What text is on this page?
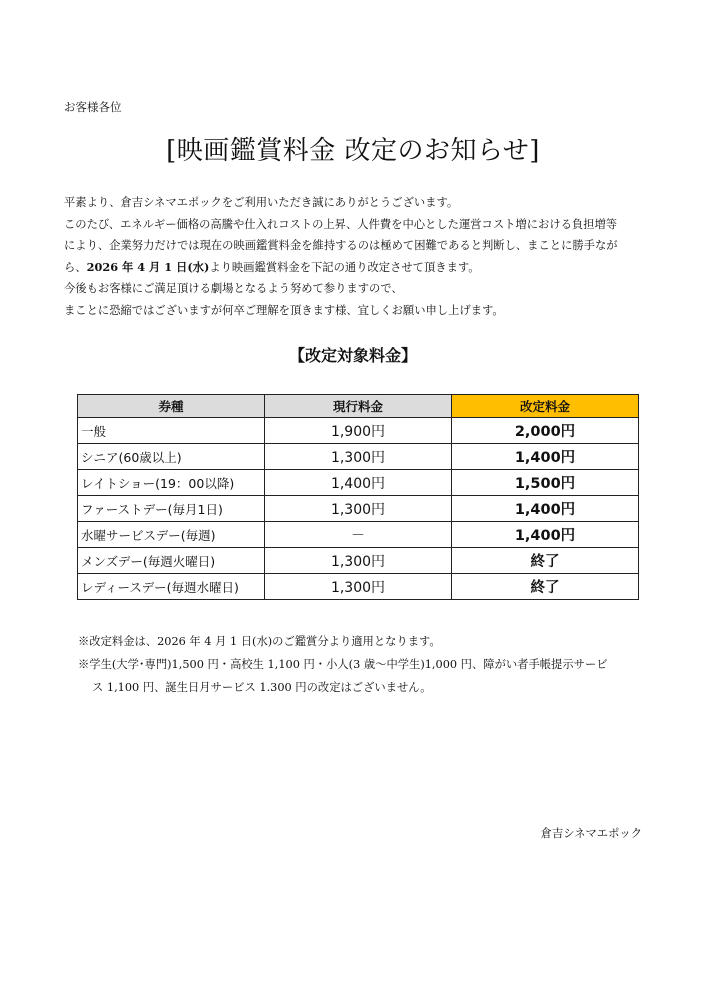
お客様各位
[映画鑑賞料金 改定のお知らせ]

平素より、倉吉シネマエポックをご利用いただき誠にありがとうございます。

このたび、エネルギー価格の高騰や仕入れコストの上昇、人件費を中心とした運営コスト増における負担増等

により、企業努力だけでは現在の映画鑑賞料金を維持するのは極めて困難であると判断し、まことに勝手なが

ら、2026 年 4 月 1 日(水)より映画鑑賞料金を下記の通り改定させて頂きます。

今後もお客様にご満足頂ける劇場となるよう努めて参りますので、

まことに恐縮ではございますが何卒ご理解を頂きます様、宜しくお願い申し上げます。

【改定対象料金】
券種	現行料金	改定料金
一般	1,900円	2,000円
シニア(60歳以上)	1,300円	1,400円
レイトショー(19：00以降)	1,400円	1,500円
ファーストデー(毎月1日)	1,300円	1,400円
水曜サービスデー(毎週)	－	1,400円
メンズデー(毎週火曜日)	1,300円	終了
レディースデー(毎週水曜日)	1,300円	終了

※改定料金は、2026 年 4 月 1 日(水)のご鑑賞分より適用となります。

※学生(大学･専門)1,500 円・高校生 1,100 円・小人(3 歳～中学生)1,000 円、障がい者手帳提示サービ

ス 1,100 円、誕生日月サービス 1.300 円の改定はございません。

倉吉シネマエポック
